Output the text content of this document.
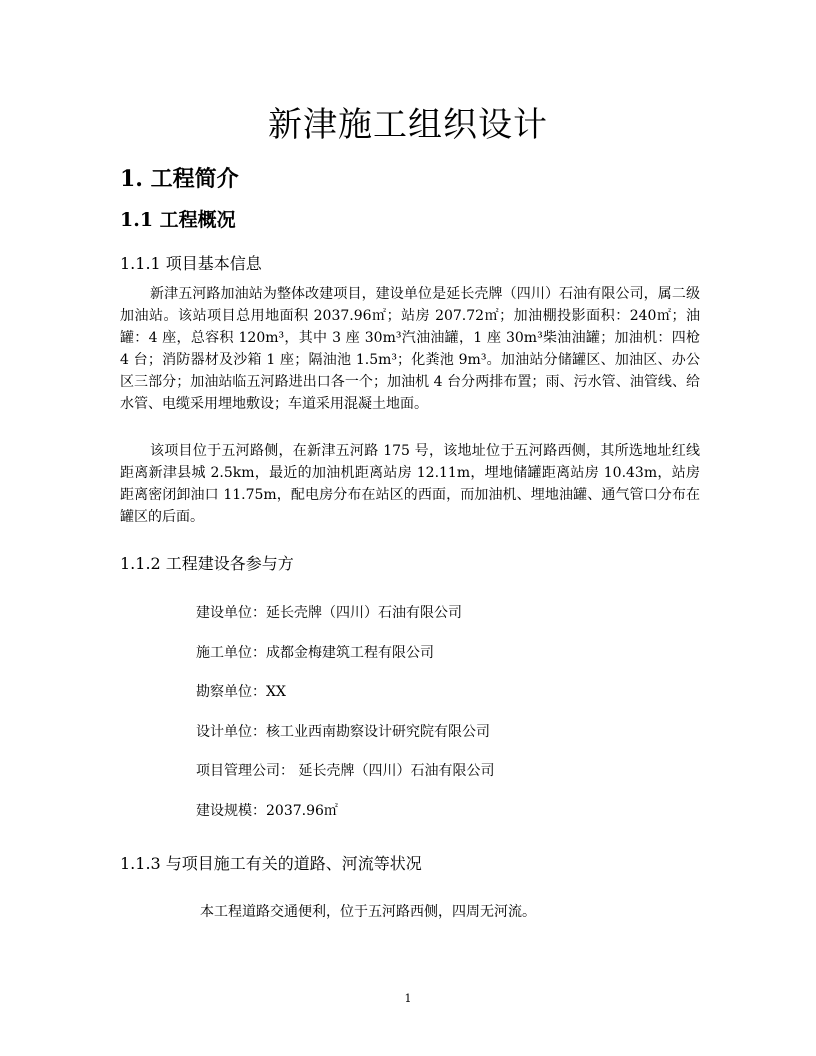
新津施工组织设计
1. 工程简介
1.1 工程概况
1.1.1 项目基本信息
新津五河路加油站为整体改建项目，建设单位是延长壳牌（四川）石油有限公司，属二级加油站。该站项目总用地面积 2037.96㎡；站房 207.72㎡；加油棚投影面积：240㎡；油罐：4 座，总容积 120m³，其中 3 座 30m³汽油油罐，1 座 30m³柴油油罐；加油机：四枪 4 台；消防器材及沙箱 1 座；隔油池 1.5m³；化粪池 9m³。加油站分储罐区、加油区、办公区三部分；加油站临五河路进出口各一个；加油机 4 台分两排布置；雨、污水管、油管线、给水管、电缆采用埋地敷设；车道采用混凝土地面。
该项目位于五河路侧，在新津五河路 175 号，该地址位于五河路西侧，其所选地址红线距离新津县城 2.5km，最近的加油机距离站房 12.11m，埋地储罐距离站房 10.43m，站房距离密闭卸油口 11.75m，配电房分布在站区的西面，而加油机、埋地油罐、通气管口分布在罐区的后面。
1.1.2 工程建设各参与方
建设单位：延长壳牌（四川）石油有限公司
施工单位：成都金梅建筑工程有限公司
勘察单位：XX
设计单位：核工业西南勘察设计研究院有限公司
项目管理公司： 延长壳牌（四川）石油有限公司
建设规模：2037.96㎡
1.1.3 与项目施工有关的道路、河流等状况
本工程道路交通便利，位于五河路西侧，四周无河流。
1
